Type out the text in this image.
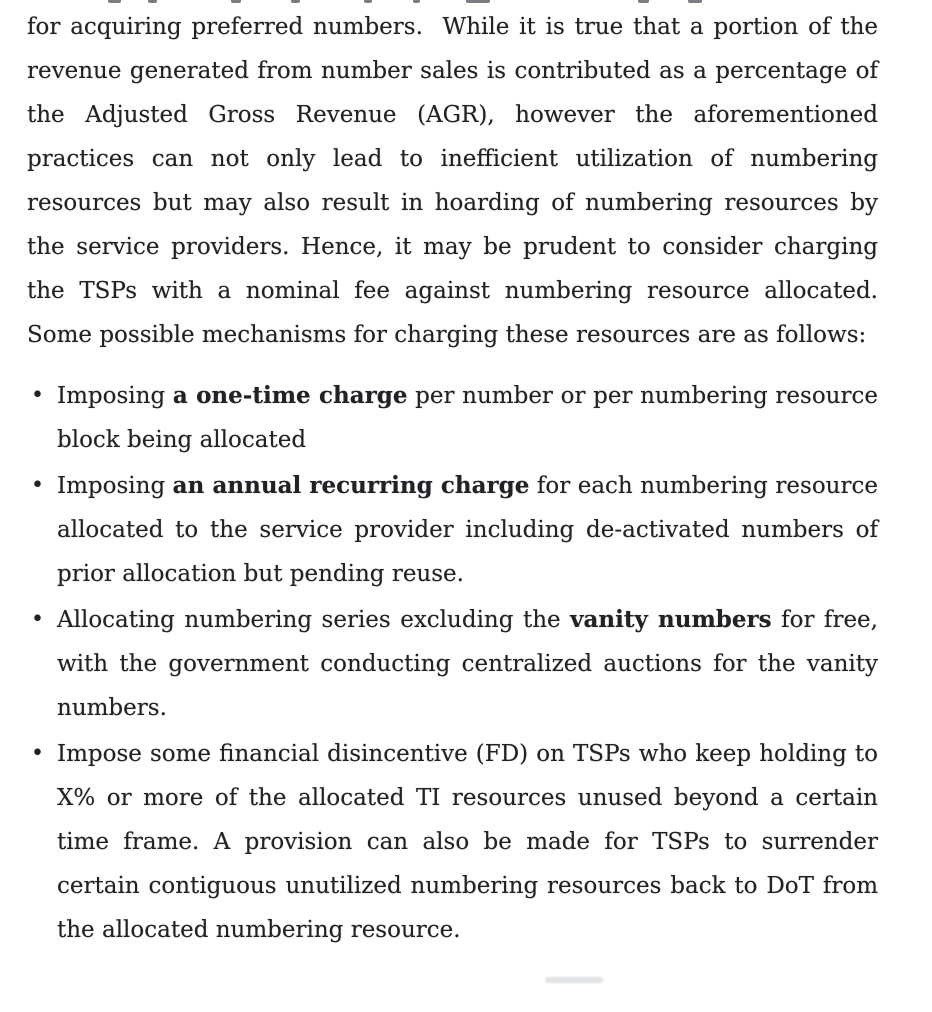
for acquiring preferred numbers.  While it is true that a portion of the revenue generated from number sales is contributed as a percentage of the Adjusted Gross Revenue (AGR), however the aforementioned practices can not only lead to inefficient utilization of numbering resources but may also result in hoarding of numbering resources by the service providers. Hence, it may be prudent to consider charging the TSPs with a nominal fee against numbering resource allocated. Some possible mechanisms for charging these resources are as follows:

• Imposing a one-time charge per number or per numbering resource block being allocated
• Imposing an annual recurring charge for each numbering resource allocated to the service provider including de-activated numbers of prior allocation but pending reuse.
• Allocating numbering series excluding the vanity numbers for free, with the government conducting centralized auctions for the vanity numbers.
• Impose some financial disincentive (FD) on TSPs who keep holding to X% or more of the allocated TI resources unused beyond a certain time frame. A provision can also be made for TSPs to surrender certain contiguous unutilized numbering resources back to DoT from the allocated numbering resource.
